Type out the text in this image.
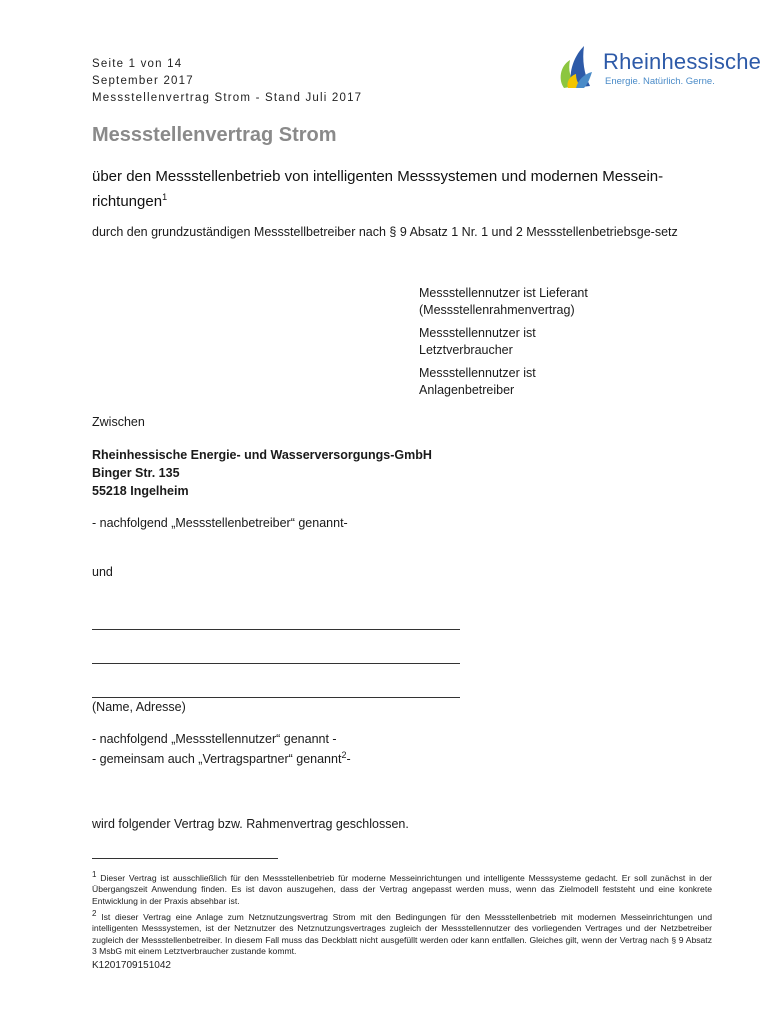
Seite 1 von 14
September 2017
Messstellenvertrag Strom - Stand Juli 2017
Rheinhessische
Energie. Natürlich. Gerne.
Messstellenvertrag Strom
über den Messstellenbetrieb von intelligenten Messsystemen und modernen Messein-richtungen$^1$
durch den grundzuständigen Messstellbetreiber nach § 9 Absatz 1 Nr. 1 und 2 Messstellenbetriebsge-setz
Messstellennutzer ist Lieferant
(Messstellenrahmenvertrag)
Messstellennutzer ist
Letztverbraucher
Messstellennutzer ist
Anlagenbetreiber
Zwischen
Rheinhessische Energie- und Wasserversorgungs-GmbH
Binger Str. 135
55218 Ingelheim
- nachfolgend „Messstellenbetreiber“ genannt-
und
(Name, Adresse)
- nachfolgend „Messstellennutzer“ genannt -
- gemeinsam auch „Vertragspartner“ genannt$^2$-
wird folgender Vertrag bzw. Rahmenvertrag geschlossen.
$^1$ Dieser Vertrag ist ausschließlich für den Messstellenbetrieb für moderne Messeinrichtungen und intelligente Messsysteme gedacht. Er soll zunächst in der Übergangszeit Anwendung finden. Es ist davon auszugehen, dass der Vertrag angepasst werden muss, wenn das Zielmodell feststeht und eine konkrete Entwicklung in der Praxis absehbar ist.
$^2$ Ist dieser Vertrag eine Anlage zum Netznutzungsvertrag Strom mit den Bedingungen für den Messstellenbetrieb mit modernen Messeinrichtungen und intelligenten Messsystemen, ist der Netznutzer des Netznutzungsvertrages zugleich der Messstellennutzer des vorliegenden Vertrages und der Netzbetreiber zugleich der Messstellenbetreiber. In diesem Fall muss das Deckblatt nicht ausgefüllt werden oder kann entfallen. Gleiches gilt, wenn der Vertrag nach § 9 Absatz 3 MsbG mit einem Letztverbraucher zustande kommt.
K1201709151042
